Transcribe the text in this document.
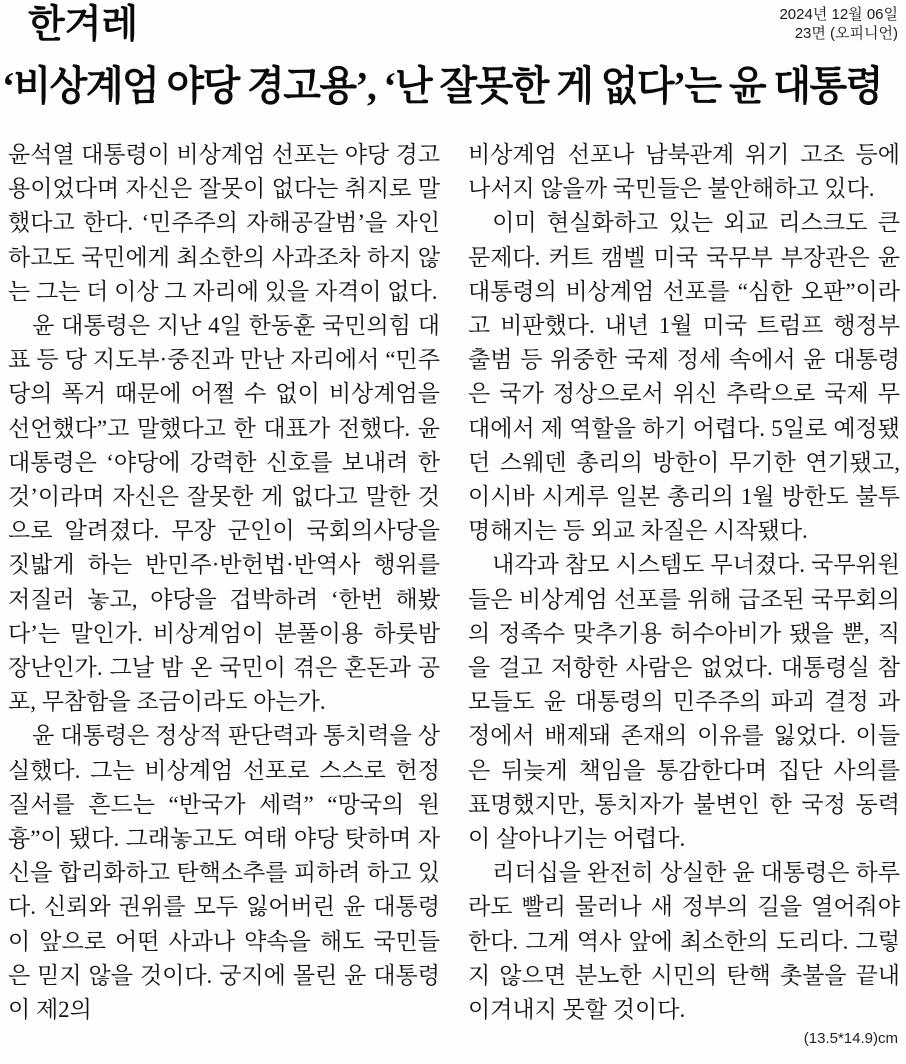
한겨레	2024년 12월 06일
23면 (오피니언)
‘비상계엄 야당 경고용’, ‘난 잘못한 게 없다’는 윤 대통령

윤석열 대통령이 비상계엄 선포는 야당 경고용이었다며 자신은 잘못이 없다는 취지로 말했다고 한다. ‘민주주의 자해공갈범’을 자인하고도 국민에게 최소한의 사과조차 하지 않는 그는 더 이상 그 자리에 있을 자격이 없다.

윤 대통령은 지난 4일 한동훈 국민의힘 대표 등 당 지도부·중진과 만난 자리에서 “민주당의 폭거 때문에 어쩔 수 없이 비상계엄을 선언했다”고 말했다고 한 대표가 전했다. 윤 대통령은 ‘야당에 강력한 신호를 보내려 한 것’이라며 자신은 잘못한 게 없다고 말한 것으로 알려졌다. 무장 군인이 국회의사당을 짓밟게 하는 반민주·반헌법·반역사 행위를 저질러 놓고, 야당을 겁박하려 ‘한번 해봤다’는 말인가. 비상계엄이 분풀이용 하룻밤 장난인가. 그날 밤 온 국민이 겪은 혼돈과 공포, 무참함을 조금이라도 아는가.

윤 대통령은 정상적 판단력과 통치력을 상실했다. 그는 비상계엄 선포로 스스로 헌정 질서를 흔드는 “반국가 세력” “망국의 원흉”이 됐다. 그래놓고도 여태 야당 탓하며 자신을 합리화하고 탄핵소추를 피하려 하고 있다. 신뢰와 권위를 모두 잃어버린 윤 대통령이 앞으로 어떤 사과나 약속을 해도 국민들은 믿지 않을 것이다. 궁지에 몰린 윤 대통령이 제2의

비상계엄 선포나 남북관계 위기 고조 등에 나서지 않을까 국민들은 불안해하고 있다.

이미 현실화하고 있는 외교 리스크도 큰 문제다. 커트 캠벨 미국 국무부 부장관은 윤 대통령의 비상계엄 선포를 “심한 오판”이라고 비판했다. 내년 1월 미국 트럼프 행정부 출범 등 위중한 국제 정세 속에서 윤 대통령은 국가 정상으로서 위신 추락으로 국제 무대에서 제 역할을 하기 어렵다. 5일로 예정됐던 스웨덴 총리의 방한이 무기한 연기됐고, 이시바 시게루 일본 총리의 1월 방한도 불투명해지는 등 외교 차질은 시작됐다.

내각과 참모 시스템도 무너졌다. 국무위원들은 비상계엄 선포를 위해 급조된 국무회의의 정족수 맞추기용 허수아비가 됐을 뿐, 직을 걸고 저항한 사람은 없었다. 대통령실 참모들도 윤 대통령의 민주주의 파괴 결정 과정에서 배제돼 존재의 이유를 잃었다. 이들은 뒤늦게 책임을 통감한다며 집단 사의를 표명했지만, 통치자가 불변인 한 국정 동력이 살아나기는 어렵다.

리더십을 완전히 상실한 윤 대통령은 하루라도 빨리 물러나 새 정부의 길을 열어줘야 한다. 그게 역사 앞에 최소한의 도리다. 그렇지 않으면 분노한 시민의 탄핵 촛불을 끝내 이겨내지 못할 것이다.

(13.5*14.9)cm
